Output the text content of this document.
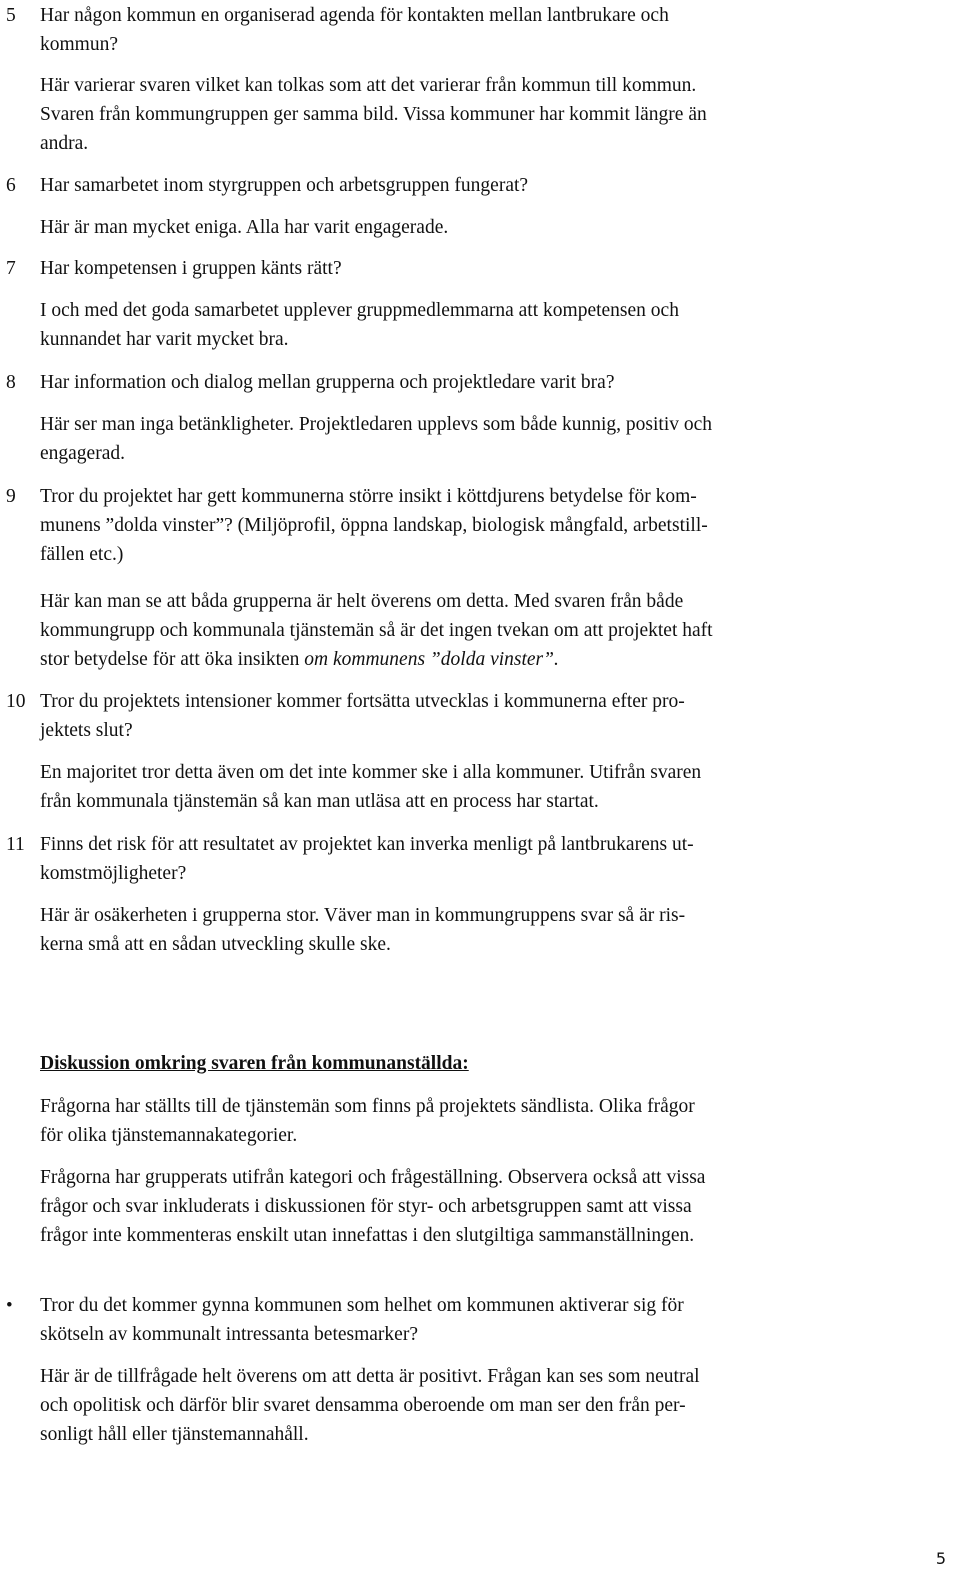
5 Har någon kommun en organiserad agenda för kontakten mellan lantbrukare och
kommun?
Här varierar svaren vilket kan tolkas som att det varierar från kommun till kommun.
Svaren från kommungruppen ger samma bild. Vissa kommuner har kommit längre än
andra.
6 Har samarbetet inom styrgruppen och arbetsgruppen fungerat?
Här är man mycket eniga. Alla har varit engagerade.
7 Har kompetensen i gruppen känts rätt?
I och med det goda samarbetet upplever gruppmedlemmarna att kompetensen och
kunnandet har varit mycket bra.
8 Har information och dialog mellan grupperna och projektledare varit bra?
Här ser man inga betänkligheter. Projektledaren upplevs som både kunnig, positiv och
engagerad.
9 Tror du projektet har gett kommunerna större insikt i köttdjurens betydelse för kom-
munens ”dolda vinster”? (Miljöprofil, öppna landskap, biologisk mångfald, arbetstill-
fällen etc.)
Här kan man se att båda grupperna är helt överens om detta. Med svaren från både
kommungrupp och kommunala tjänstemän så är det ingen tvekan om att projektet haft
stor betydelse för att öka insikten om kommunens ”dolda vinster”.
10 Tror du projektets intensioner kommer fortsätta utvecklas i kommunerna efter pro-
jektets slut?
En majoritet tror detta även om det inte kommer ske i alla kommuner. Utifrån svaren
från kommunala tjänstemän så kan man utläsa att en process har startat.
11 Finns det risk för att resultatet av projektet kan inverka menligt på lantbrukarens ut-
komstmöjligheter?
Här är osäkerheten i grupperna stor. Väver man in kommungruppens svar så är ris-
kerna små att en sådan utveckling skulle ske.
Diskussion omkring svaren från kommunanställda:
Frågorna har ställts till de tjänstemän som finns på projektets sändlista. Olika frågor
för olika tjänstemannakategorier.
Frågorna har grupperats utifrån kategori och frågeställning. Observera också att vissa
frågor och svar inkluderats i diskussionen för styr- och arbetsgruppen samt att vissa
frågor inte kommenteras enskilt utan innefattas i den slutgiltiga sammanställningen.
• Tror du det kommer gynna kommunen som helhet om kommunen aktiverar sig för
skötseln av kommunalt intressanta betesmarker?
Här är de tillfrågade helt överens om att detta är positivt. Frågan kan ses som neutral
och opolitisk och därför blir svaret densamma oberoende om man ser den från per-
sonligt håll eller tjänstemannahåll.
5
